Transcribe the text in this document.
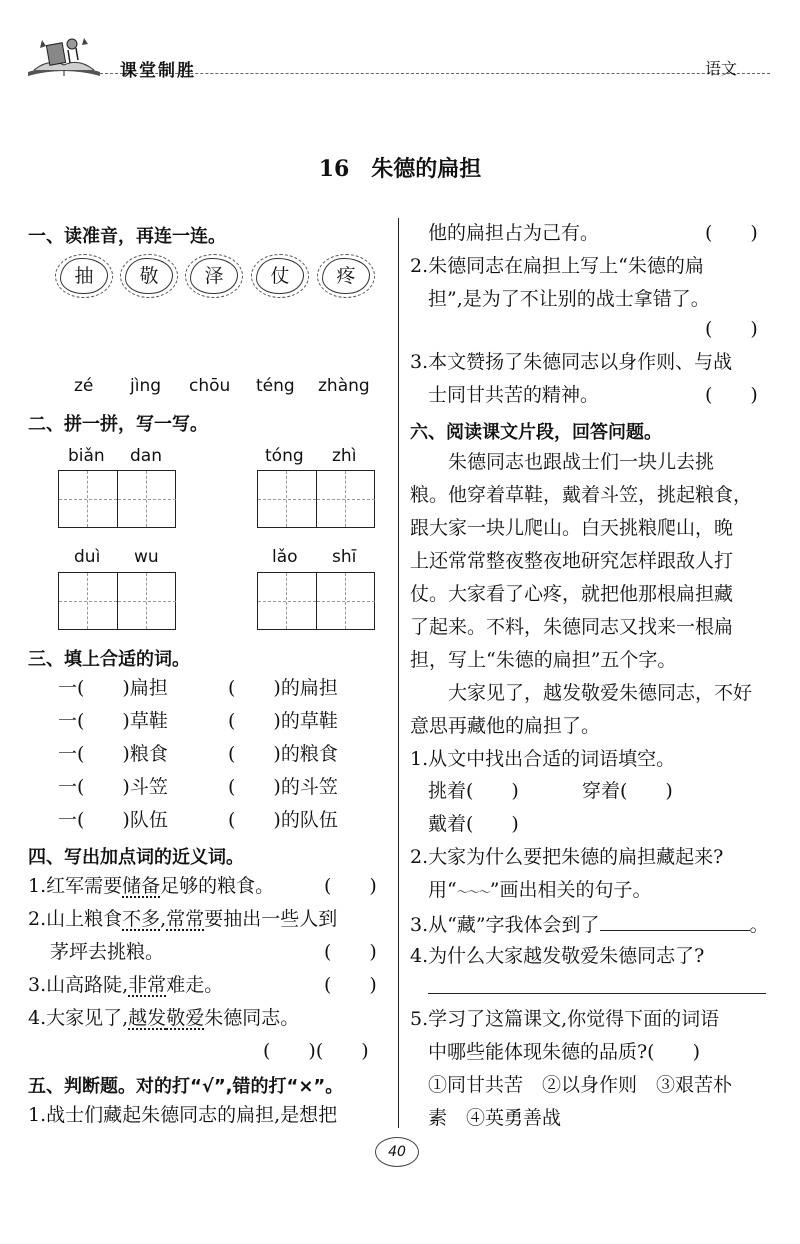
课堂制胜	语文
16　朱德的扁担
一、读准音，再连一连。
抽	敬	泽	仗	疼
zé jìng chōu téng zhàng
二、拼一拼，写一写。
biǎn dan	tóng zhì
duì wu	lǎo shī
三、填上合适的词。
一(　　)扁担	(　　)的扁担
一(　　)草鞋	(　　)的草鞋
一(　　)粮食	(　　)的粮食
一(　　)斗笠	(　　)的斗笠
一(　　)队伍	(　　)的队伍
四、写出加点词的近义词。
1.红军需要储备足够的粮食。	(　　)
2.山上粮食不多,常常要抽出一些人到
茅坪去挑粮。	(　　)
3.山高路陡,非常难走。	(　　)
4.大家见了,越发敬爱朱德同志。
(　　)(　　)
五、判断题。对的打“√”,错的打“×”。
1.战士们藏起朱德同志的扁担,是想把
他的扁担占为己有。	(　　)
2.朱德同志在扁担上写上“朱德的扁
担”,是为了不让别的战士拿错了。
(　　)
3.本文赞扬了朱德同志以身作则、与战
士同甘共苦的精神。	(　　)
六、阅读课文片段，回答问题。
朱德同志也跟战士们一块儿去挑
粮。他穿着草鞋，戴着斗笠，挑起粮食，
跟大家一块儿爬山。白天挑粮爬山，晚
上还常常整夜整夜地研究怎样跟敌人打
仗。大家看了心疼，就把他那根扁担藏
了起来。不料，朱德同志又找来一根扁
担，写上“朱德的扁担”五个字。
大家见了，越发敬爱朱德同志，不好
意思再藏他的扁担了。
1.从文中找出合适的词语填空。
挑着(　　)	穿着(　　)
戴着(　　)
2.大家为什么要把朱德的扁担藏起来?
用“～～～”画出相关的句子。
3.从“藏”字我体会到了	。
4.为什么大家越发敬爱朱德同志了?
5.学习了这篇课文,你觉得下面的词语
中哪些能体现朱德的品质?(　　)
①同甘共苦　②以身作则　③艰苦朴
素　④英勇善战
40
